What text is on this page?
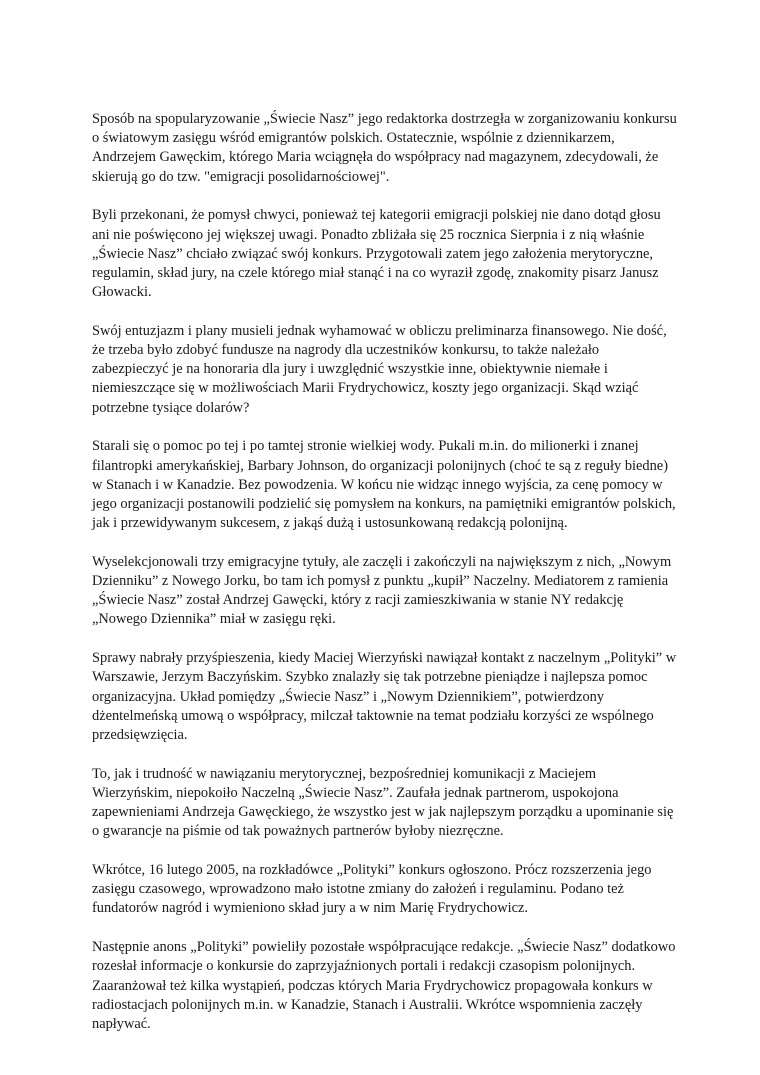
Sposób na spopularyzowanie „Świecie Nasz” jego redaktorka dostrzegła w zorganizowaniu konkursu o światowym zasięgu wśród emigrantów polskich. Ostatecznie, wspólnie z dziennikarzem, Andrzejem Gawęckim, którego Maria wciągnęła do współpracy nad magazynem, zdecydowali, że skierują go do tzw. "emigracji posolidarnościowej".

Byli przekonani, że pomysł chwyci, ponieważ tej kategorii emigracji polskiej nie dano dotąd głosu ani nie poświęcono jej większej uwagi. Ponadto zbliżała się 25 rocznica Sierpnia i z nią właśnie „Świecie Nasz” chciało związać swój konkurs. Przygotowali zatem jego założenia merytoryczne, regulamin, skład jury, na czele którego miał stanąć i na co wyraził zgodę, znakomity pisarz Janusz Głowacki.

Swój entuzjazm i plany musieli jednak wyhamować w obliczu preliminarza finansowego. Nie dość, że trzeba było zdobyć fundusze na nagrody dla uczestników konkursu, to także należało zabezpieczyć je na honoraria dla jury i uwzględnić wszystkie inne, obiektywnie niemałe i niemieszczące się w możliwościach Marii Frydrychowicz, koszty jego organizacji. Skąd wziąć potrzebne tysiące dolarów?

Starali się o pomoc po tej i po tamtej stronie wielkiej wody. Pukali m.in. do milionerki i znanej filantropki amerykańskiej, Barbary Johnson, do organizacji polonijnych (choć te są z reguły biedne) w Stanach i w Kanadzie. Bez powodzenia. W końcu nie widząc innego wyjścia, za cenę pomocy w jego organizacji postanowili podzielić się pomysłem na konkurs, na pamiętniki emigrantów polskich, jak i przewidywanym sukcesem, z jakąś dużą i ustosunkowaną redakcją polonijną.

Wyselekcjonowali trzy emigracyjne tytuły, ale zaczęli i zakończyli na największym z nich, „Nowym Dzienniku” z Nowego Jorku, bo tam ich pomysł z punktu „kupił” Naczelny. Mediatorem z ramienia „Świecie Nasz” został Andrzej Gawęcki, który z racji zamieszkiwania w stanie NY redakcję „Nowego Dziennika” miał w zasięgu ręki.

Sprawy nabrały przyśpieszenia, kiedy Maciej Wierzyński nawiązał kontakt z naczelnym „Polityki” w Warszawie, Jerzym Baczyńskim. Szybko znalazły się tak potrzebne pieniądze i najlepsza pomoc organizacyjna. Układ pomiędzy „Świecie Nasz” i „Nowym Dziennikiem”, potwierdzony dżentelmeńską umową o współpracy, milczał taktownie na temat podziału korzyści ze wspólnego przedsięwzięcia.

To, jak i trudność w nawiązaniu merytorycznej, bezpośredniej komunikacji z Maciejem Wierzyńskim, niepokoiło Naczelną „Świecie Nasz”. Zaufała jednak partnerom, uspokojona zapewnieniami Andrzeja Gawęckiego, że wszystko jest w jak najlepszym porządku a upominanie się o gwarancje na piśmie od tak poważnych partnerów byłoby niezręczne.

Wkrótce, 16 lutego 2005, na rozkładówce „Polityki” konkurs ogłoszono. Prócz rozszerzenia jego zasięgu czasowego, wprowadzono mało istotne zmiany do założeń i regulaminu. Podano też fundatorów nagród i wymieniono skład jury a w nim Marię Frydrychowicz.

Następnie anons „Polityki” powieliły pozostałe współpracujące redakcje. „Świecie Nasz” dodatkowo rozesłał informacje o konkursie do zaprzyjaźnionych portali i redakcji czasopism polonijnych. Zaaranżował też kilka wystąpień, podczas których Maria Frydrychowicz propagowała konkurs w radiostacjach polonijnych m.in. w Kanadzie, Stanach i Australii. Wkrótce wspomnienia zaczęły napływać.
